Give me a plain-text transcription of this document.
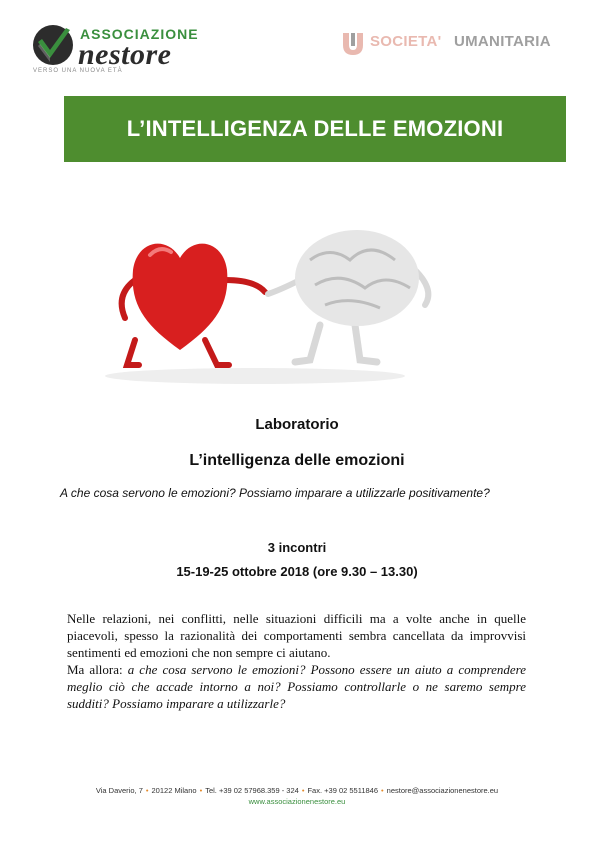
ASSOCIAZIONE
nestore
VERSO UNA NUOVA ETÀ
SOCIETA' UMANITARIA
L’INTELLIGENZA DELLE EMOZIONI
Laboratorio
L’intelligenza delle emozioni
A che cosa servono le emozioni? Possiamo imparare a utilizzarle positivamente?
3 incontri
15-19-25 ottobre 2018 (ore 9.30 – 13.30)

Nelle relazioni, nei conflitti, nelle situazioni difficili ma a volte anche in quelle piacevoli, spesso la razionalità dei comportamenti sembra cancellata da improvvisi sentimenti ed emozioni che non sempre ci aiutano.

Ma allora: a che cosa servono le emozioni? Possono essere un aiuto a comprendere meglio ciò che accade intorno a noi? Possiamo controllarle o ne saremo sempre sudditi? Possiamo imparare a utilizzarle?

Via Daverio, 7 • 20122 Milano • Tel. +39 02 57968.359 - 324 • Fax. +39 02 5511846 • nestore@associazionenestore.eu
www.associazionenestore.eu
